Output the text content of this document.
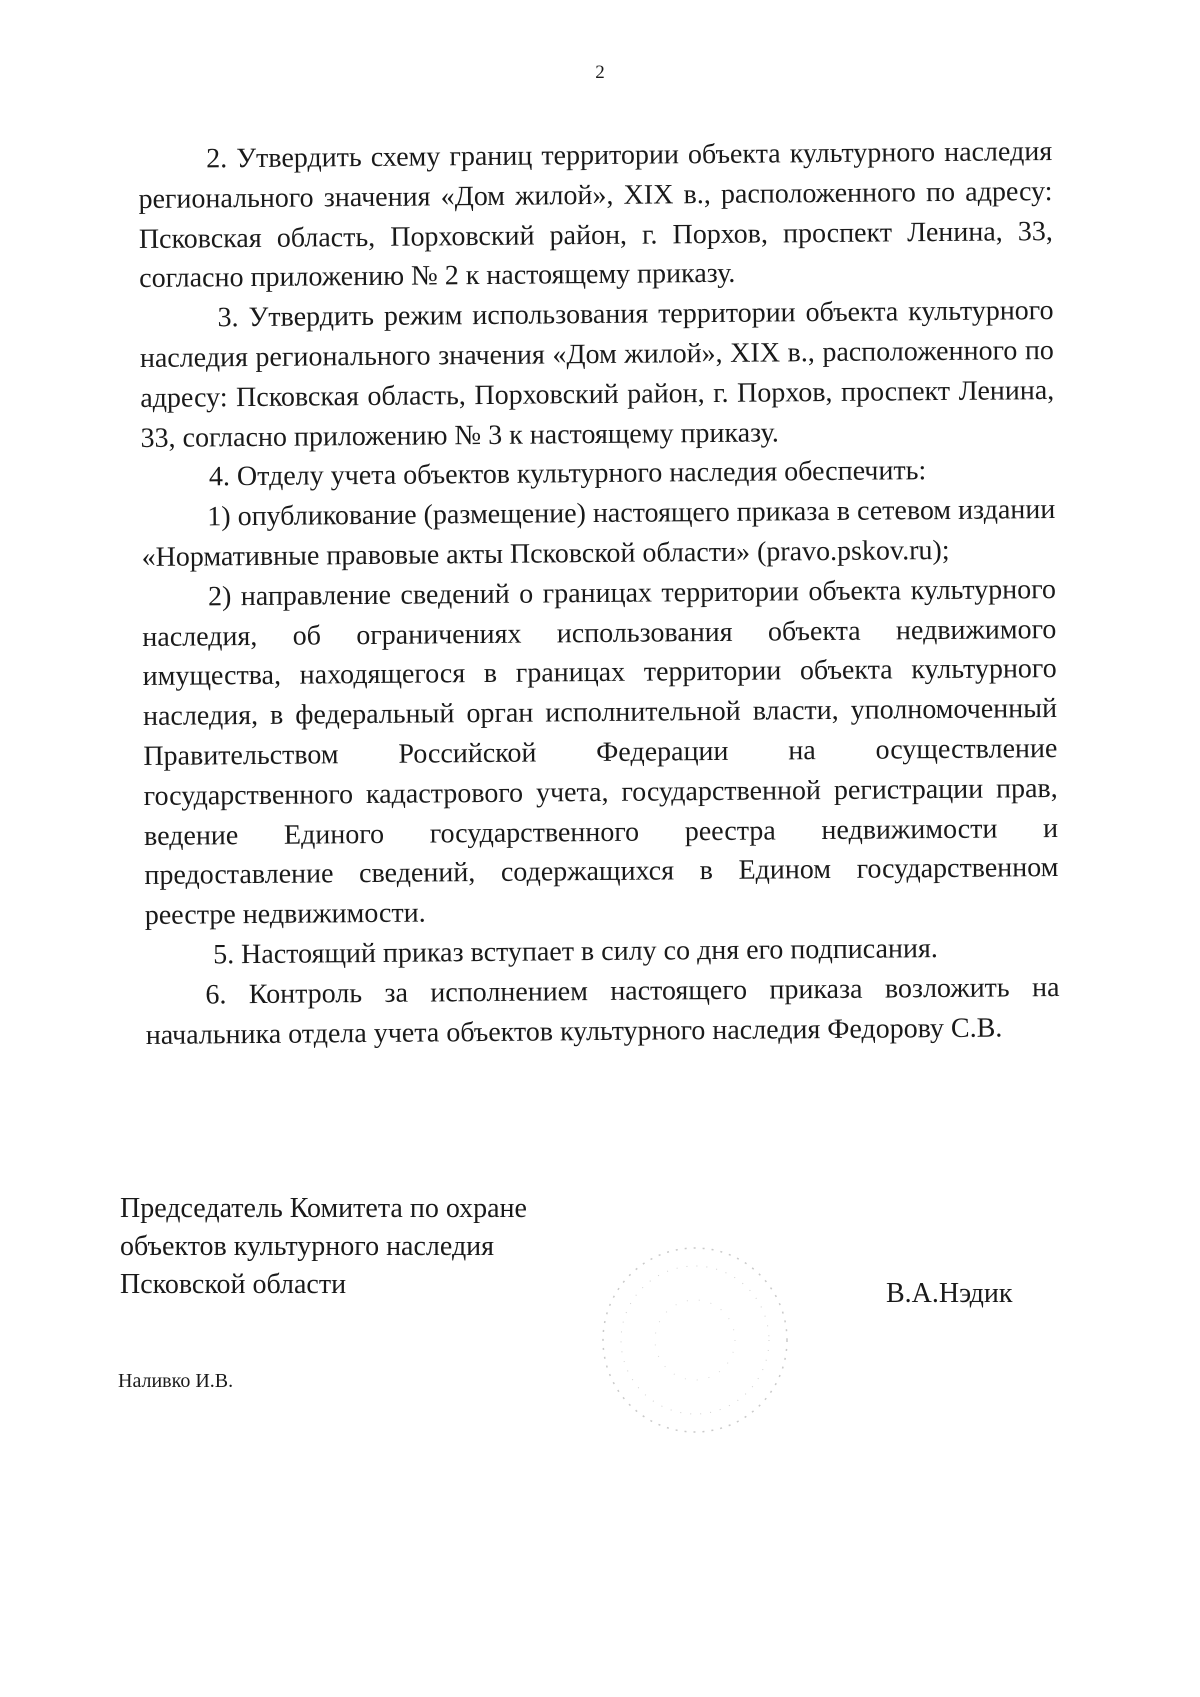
2

2. Утвердить схему границ территории объекта культурного наследия регионального значения «Дом жилой», XIX в., расположенного по адресу: Псковская область, Порховский район, г. Порхов, проспект Ленина, 33, согласно приложению № 2 к настоящему приказу.

3. Утвердить режим использования территории объекта культурного наследия регионального значения «Дом жилой», XIX в., расположенного по адресу: Псковская область, Порховский район, г. Порхов, проспект Ленина, 33, согласно приложению № 3 к настоящему приказу.

4. Отделу учета объектов культурного наследия обеспечить:

1) опубликование (размещение) настоящего приказа в сетевом издании «Нормативные правовые акты Псковской области» (pravo.pskov.ru);

2) направление сведений о границах территории объекта культурного наследия, об ограничениях использования объекта недвижимого имущества, находящегося в границах территории объекта культурного наследия, в федеральный орган исполнительной власти, уполномоченный Правительством Российской Федерации на осуществление государственного кадастрового учета, государственной регистрации прав, ведение Единого государственного реестра недвижимости и предоставление сведений, содержащихся в Едином государственном реестре недвижимости.

5. Настоящий приказ вступает в силу со дня его подписания.

6. Контроль за исполнением настоящего приказа возложить на начальника отдела учета объектов культурного наследия Федорову С.В.

Председатель Комитета по охране
объектов культурного наследия
Псковской области	В.А.Нэдик
Наливко И.В.
